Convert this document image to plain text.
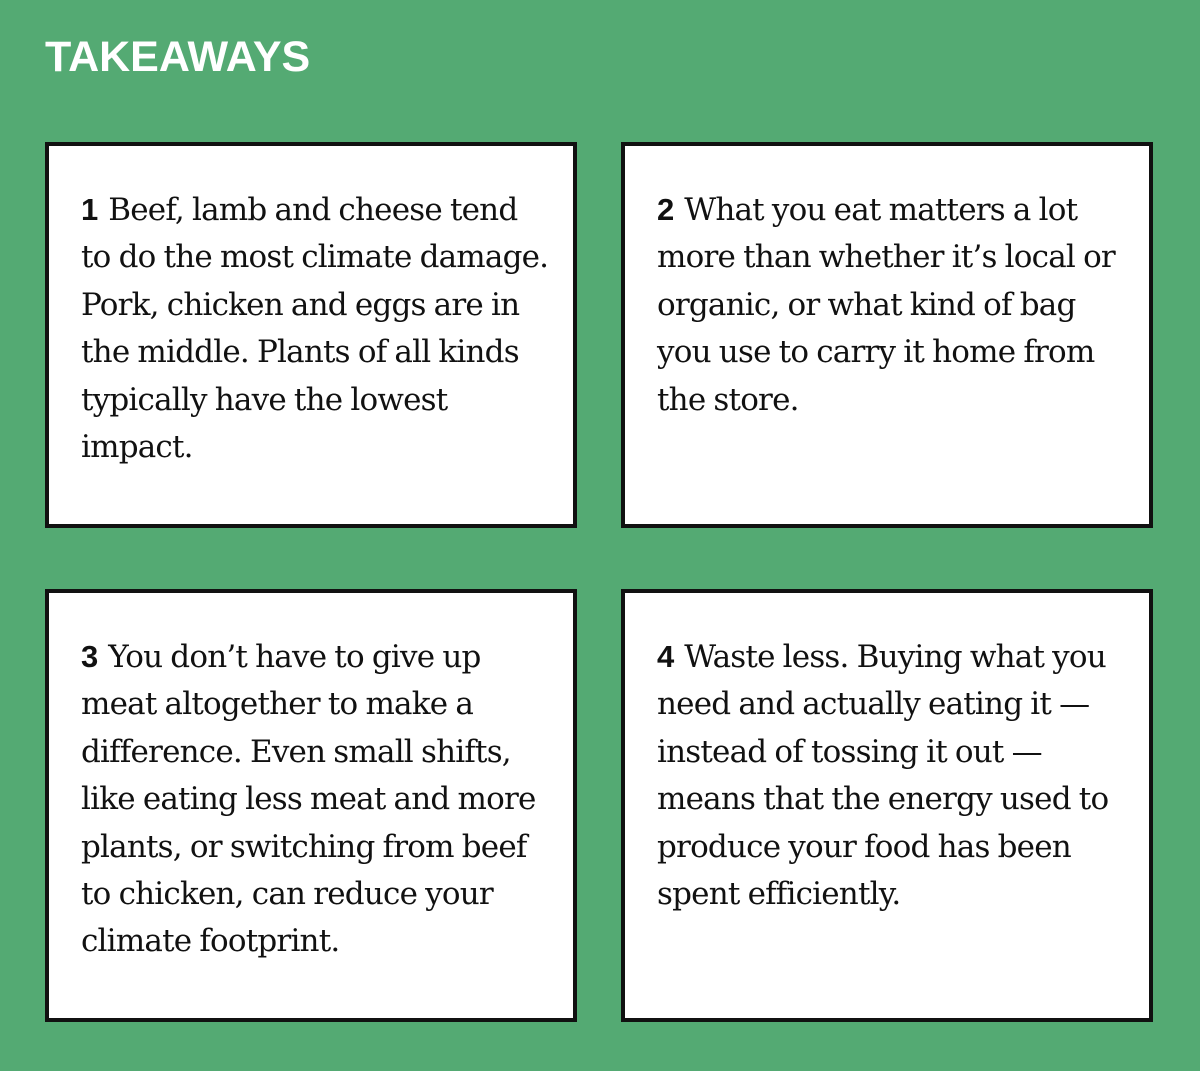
TAKEAWAYS

1 Beef, lamb and cheese tend to do the most climate damage. Pork, chicken and eggs are in the middle. Plants of all kinds typically have the lowest impact.

2 What you eat matters a lot more than whether it’s local or organic, or what kind of bag you use to carry it home from the store.

3 You don’t have to give up meat altogether to make a difference. Even small shifts, like eating less meat and more plants, or switching from beef to chicken, can reduce your climate footprint.

4 Waste less. Buying what you need and actually eating it — instead of tossing it out — means that the energy used to produce your food has been spent efficiently.
